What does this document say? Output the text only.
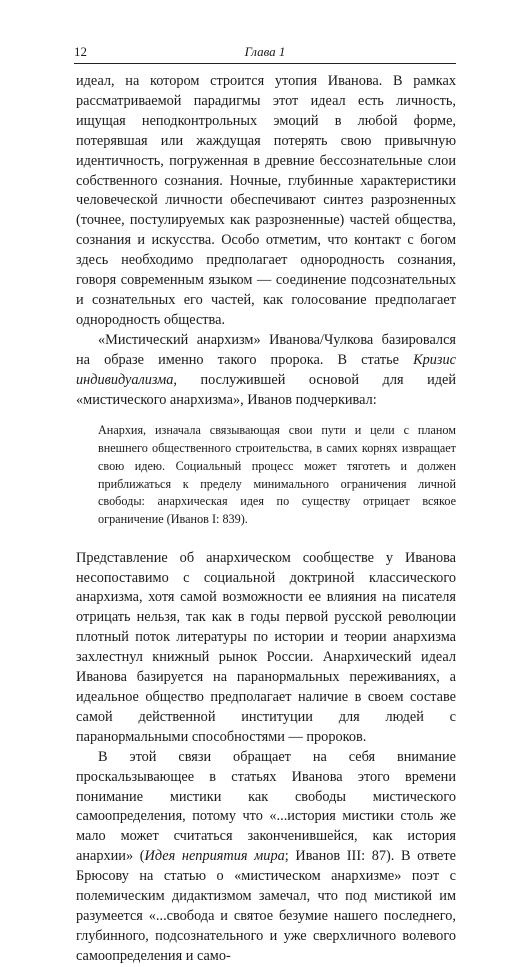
12	Глава 1

идеал, на котором строится утопия Иванова. В рамках рассматриваемой парадигмы этот идеал есть личность, ищущая неподконтрольных эмоций в любой форме, потерявшая или жаждущая потерять свою привычную идентичность, погруженная в древние бессознательные слои собственного сознания. Ночные, глубинные характеристики человеческой личности обеспечивают синтез разрозненных (точнее, постулируемых как разрозненные) частей общества, сознания и искусства. Особо отметим, что контакт с богом здесь необходимо предполагает однородность сознания, говоря современным языком — соединение подсознательных и сознательных его частей, как голосование предполагает однородность общества.

«Мистический анархизм» Иванова/Чулкова базировался на образе именно такого пророка. В статье Кризис индивидуализма, послужившей основой для идей «мистического анархизма», Иванов подчеркивал:

Анархия, изначала связывающая свои пути и цели с планом внешнего общественного строительства, в самих корнях извращает свою идею. Социальный процесс может тяготеть и должен приближаться к пределу минимального ограничения личной свободы: анархическая идея по существу отрицает всякое ограничение (Иванов I: 839).

Представление об анархическом сообществе у Иванова несопоставимо с социальной доктриной классического анархизма, хотя самой возможности ее влияния на писателя отрицать нельзя, так как в годы первой русской революции плотный поток литературы по истории и теории анархизма захлестнул книжный рынок России. Анархический идеал Иванова базируется на паранормальных переживаниях, а идеальное общество предполагает наличие в своем составе самой действенной институции для людей с паранормальными способностями — пророков.

В этой связи обращает на себя внимание проскальзывающее в статьях Иванова этого времени понимание мистики как свободы мистического самоопределения, потому что «...история мистики столь же мало может считаться законченившейся, как история анархии» (Идея неприятия мира; Иванов III: 87). В ответе Брюсову на статью о «мистическом анархизме» поэт с полемическим дидактизмом замечал, что под мистикой им разумеется «...свобода и святое безумие нашего последнего, глубинного, подсознательного и уже сверхличного волевого самоопределения и само-
